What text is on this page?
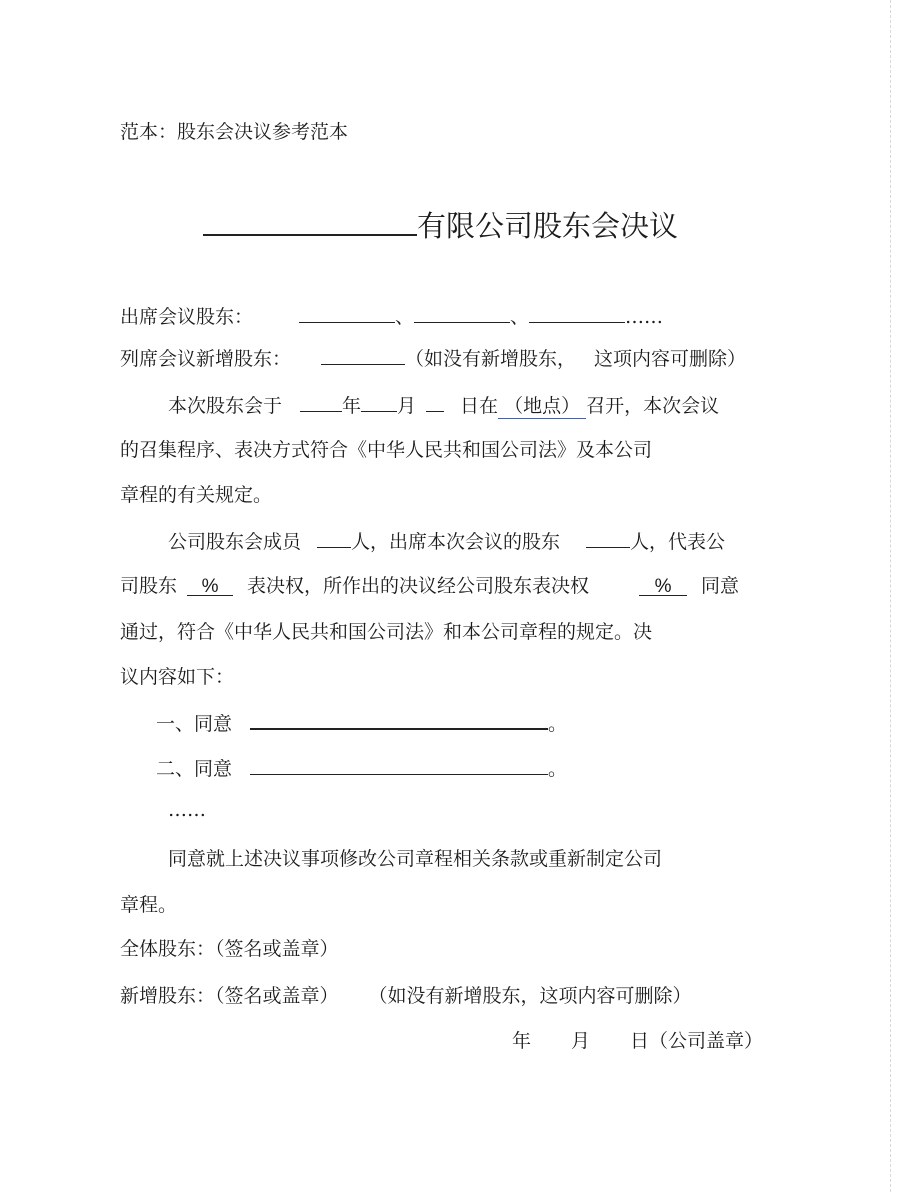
范本：股东会决议参考范本
有限公司股东会决议
出席会议股东：	、	、	……
列席会议新增股东：	（如没有新增股东， 这项内容可删除）
本次股东会于	年 月 日在 （地点） 召开，本次会议
的召集程序、表决方式符合《中华人民共和国公司法》及本公司
章程的有关规定。
公司股东会成员	人，出席本次会议的股东	人，代表公
司股东 % 表决权，所作出的决议经公司股东表决权	% 同意
通过，符合《中华人民共和国公司法》和本公司章程的规定。决
议内容如下：
一、同意	。
二、同意	。
……
同意就上述决议事项修改公司章程相关条款或重新制定公司
章程。
全体股东：（签名或盖章）
新增股东：（签名或盖章） （如没有新增股东，这项内容可删除）
年 月 日（公司盖章）
